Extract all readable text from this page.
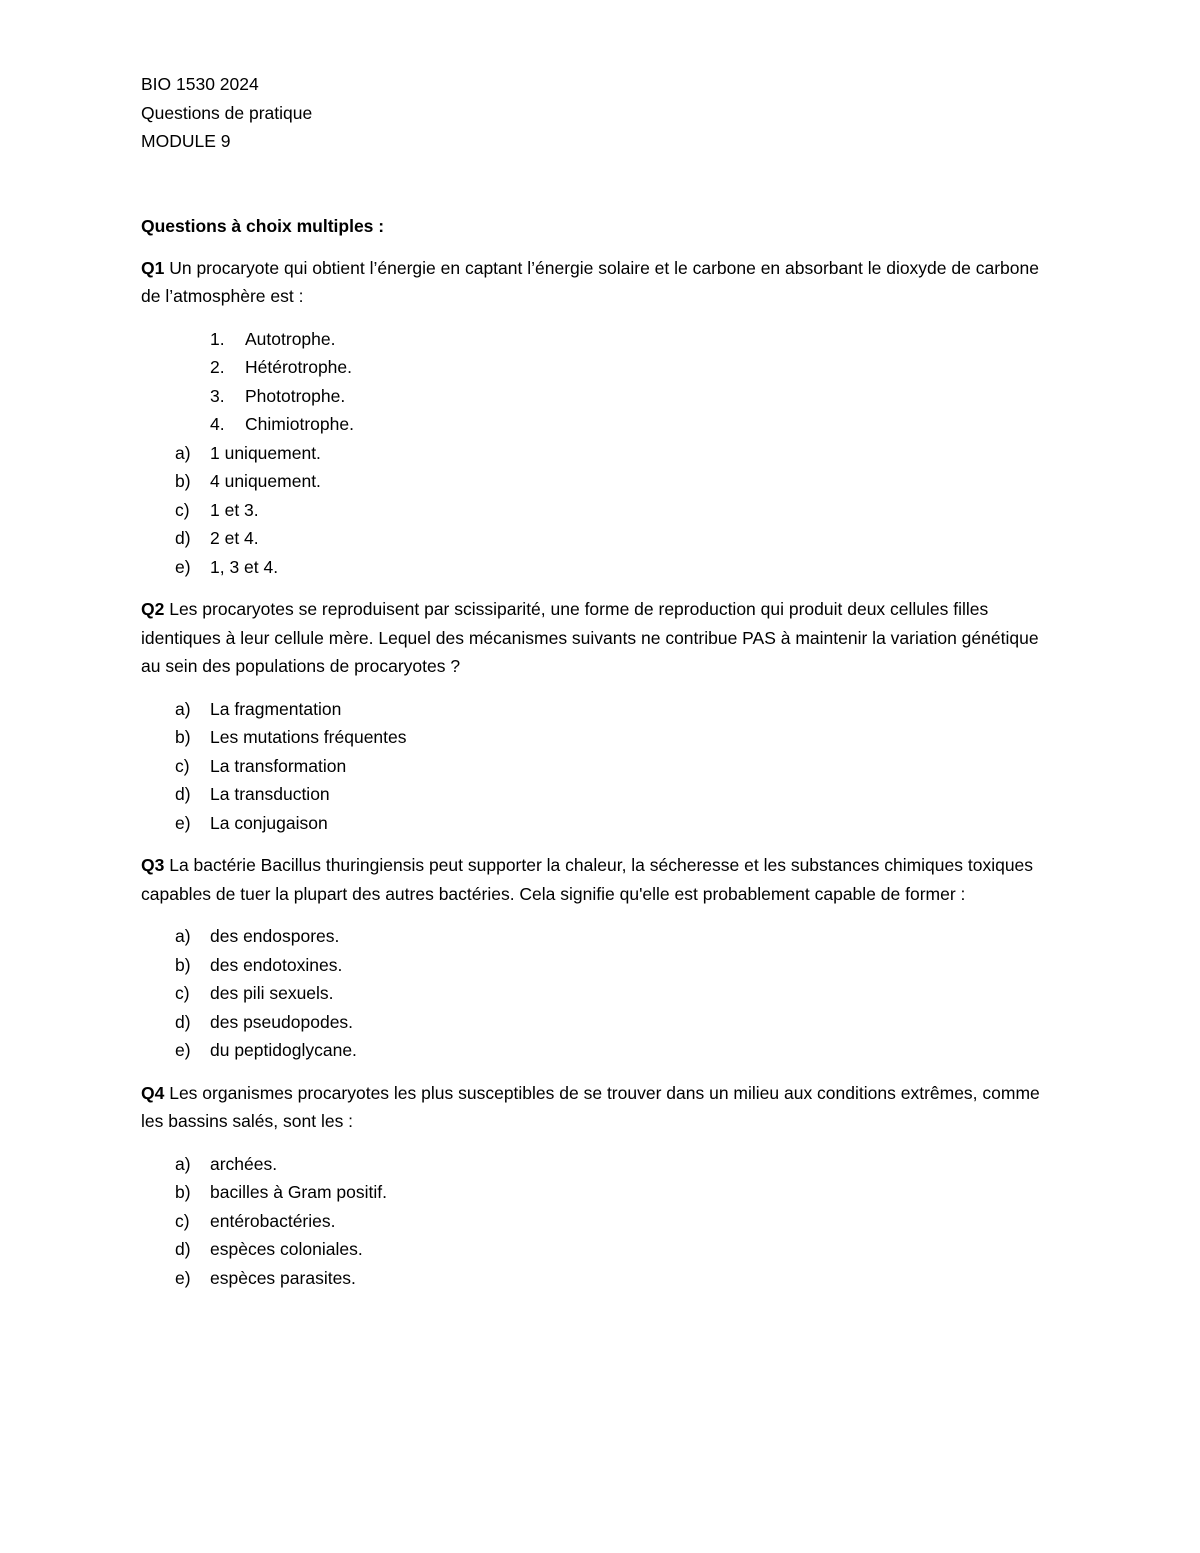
BIO 1530 2024
Questions de pratique
MODULE 9
Questions à choix multiples :
Q1 Un procaryote qui obtient l’énergie en captant l’énergie solaire et le carbone en absorbant le dioxyde de carbone de l’atmosphère est :
1. Autotrophe.
2. Hétérotrophe.
3. Phototrophe.
4. Chimiotrophe.
a) 1 uniquement.
b) 4 uniquement.
c) 1 et 3.
d) 2 et 4.
e) 1, 3 et 4.
Q2 Les procaryotes se reproduisent par scissiparité, une forme de reproduction qui produit deux cellules filles identiques à leur cellule mère. Lequel des mécanismes suivants ne contribue PAS à maintenir la variation génétique au sein des populations de procaryotes ?
a) La fragmentation
b) Les mutations fréquentes
c) La transformation
d) La transduction
e) La conjugaison
Q3 La bactérie Bacillus thuringiensis peut supporter la chaleur, la sécheresse et les substances chimiques toxiques capables de tuer la plupart des autres bactéries. Cela signifie qu'elle est probablement capable de former :
a) des endospores.
b) des endotoxines.
c) des pili sexuels.
d) des pseudopodes.
e) du peptidoglycane.
Q4 Les organismes procaryotes les plus susceptibles de se trouver dans un milieu aux conditions extrêmes, comme les bassins salés, sont les :
a) archées.
b) bacilles à Gram positif.
c) entérobactéries.
d) espèces coloniales.
e) espèces parasites.
